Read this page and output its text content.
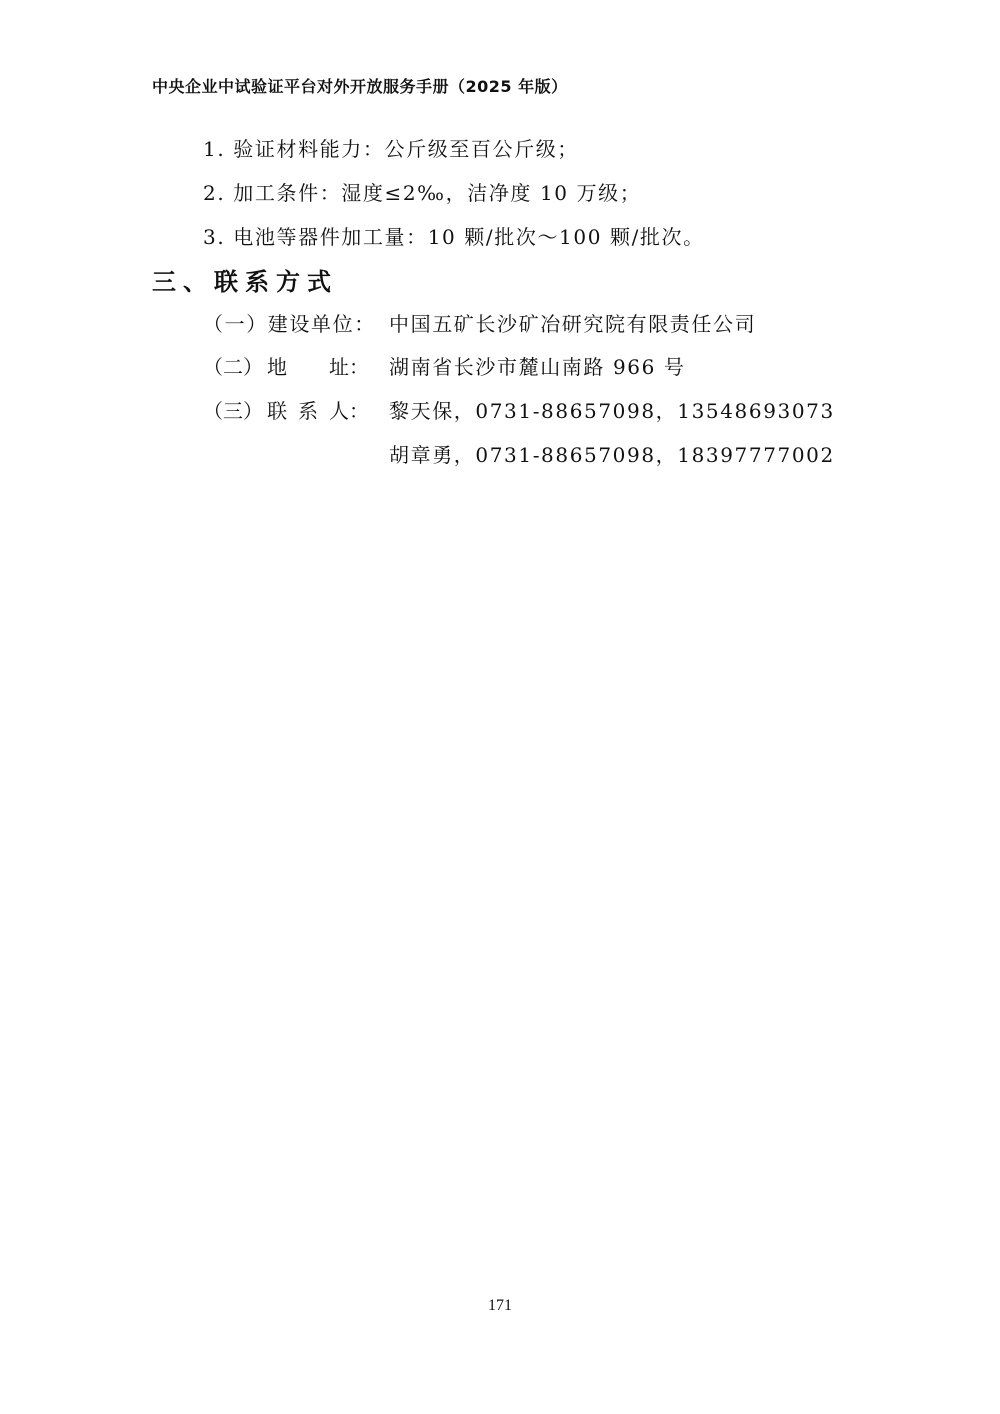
中央企业中试验证平台对外开放服务手册（2025 年版）
1. 验证材料能力：公斤级至百公斤级；
2. 加工条件：湿度≤2‰，洁净度 10 万级；
3. 电池等器件加工量：10 颗/批次～100 颗/批次。
三、联系方式
（一）建设单位： 中国五矿长沙矿冶研究院有限责任公司
（二） 地 址： 湖南省长沙市麓山南路 966 号
（三） 联 系 人： 黎天保，0731-88657098，13548693073
胡章勇，0731-88657098，18397777002
171
